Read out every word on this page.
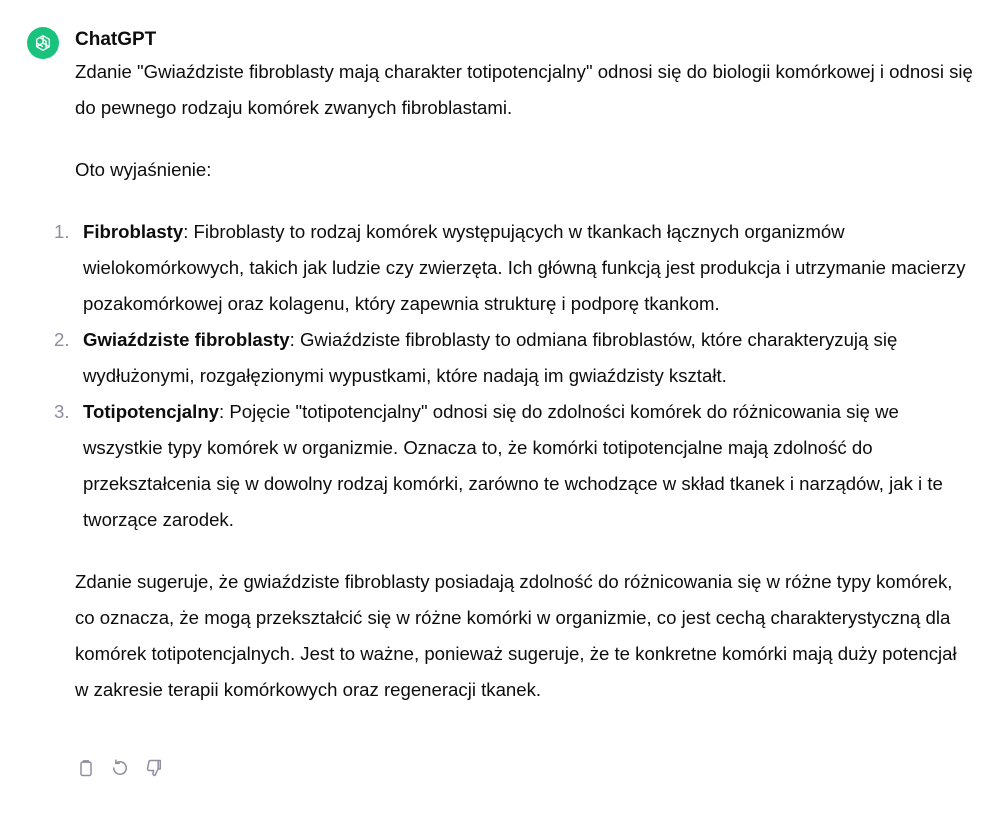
ChatGPT

Zdanie "Gwiaździste fibroblasty mają charakter totipotencjalny" odnosi się do biologii komórkowej i odnosi się do pewnego rodzaju komórek zwanych fibroblastami.

Oto wyjaśnienie:

1. Fibroblasty: Fibroblasty to rodzaj komórek występujących w tkankach łącznych organizmów wielokomórkowych, takich jak ludzie czy zwierzęta. Ich główną funkcją jest produkcja i utrzymanie macierzy pozakomórkowej oraz kolagenu, który zapewnia strukturę i podporę tkankom.
2. Gwiaździste fibroblasty: Gwiaździste fibroblasty to odmiana fibroblastów, które charakteryzują się wydłużonymi, rozgałęzionymi wypustkami, które nadają im gwiaździsty kształt.
3. Totipotencjalny: Pojęcie "totipotencjalny" odnosi się do zdolności komórek do różnicowania się we wszystkie typy komórek w organizmie. Oznacza to, że komórki totipotencjalne mają zdolność do przekształcenia się w dowolny rodzaj komórki, zarówno te wchodzące w skład tkanek i narządów, jak i te tworzące zarodek.

Zdanie sugeruje, że gwiaździste fibroblasty posiadają zdolność do różnicowania się w różne typy komórek, co oznacza, że mogą przekształcić się w różne komórki w organizmie, co jest cechą charakterystyczną dla komórek totipotencjalnych. Jest to ważne, ponieważ sugeruje, że te konkretne komórki mają duży potencjał w zakresie terapii komórkowych oraz regeneracji tkanek.
